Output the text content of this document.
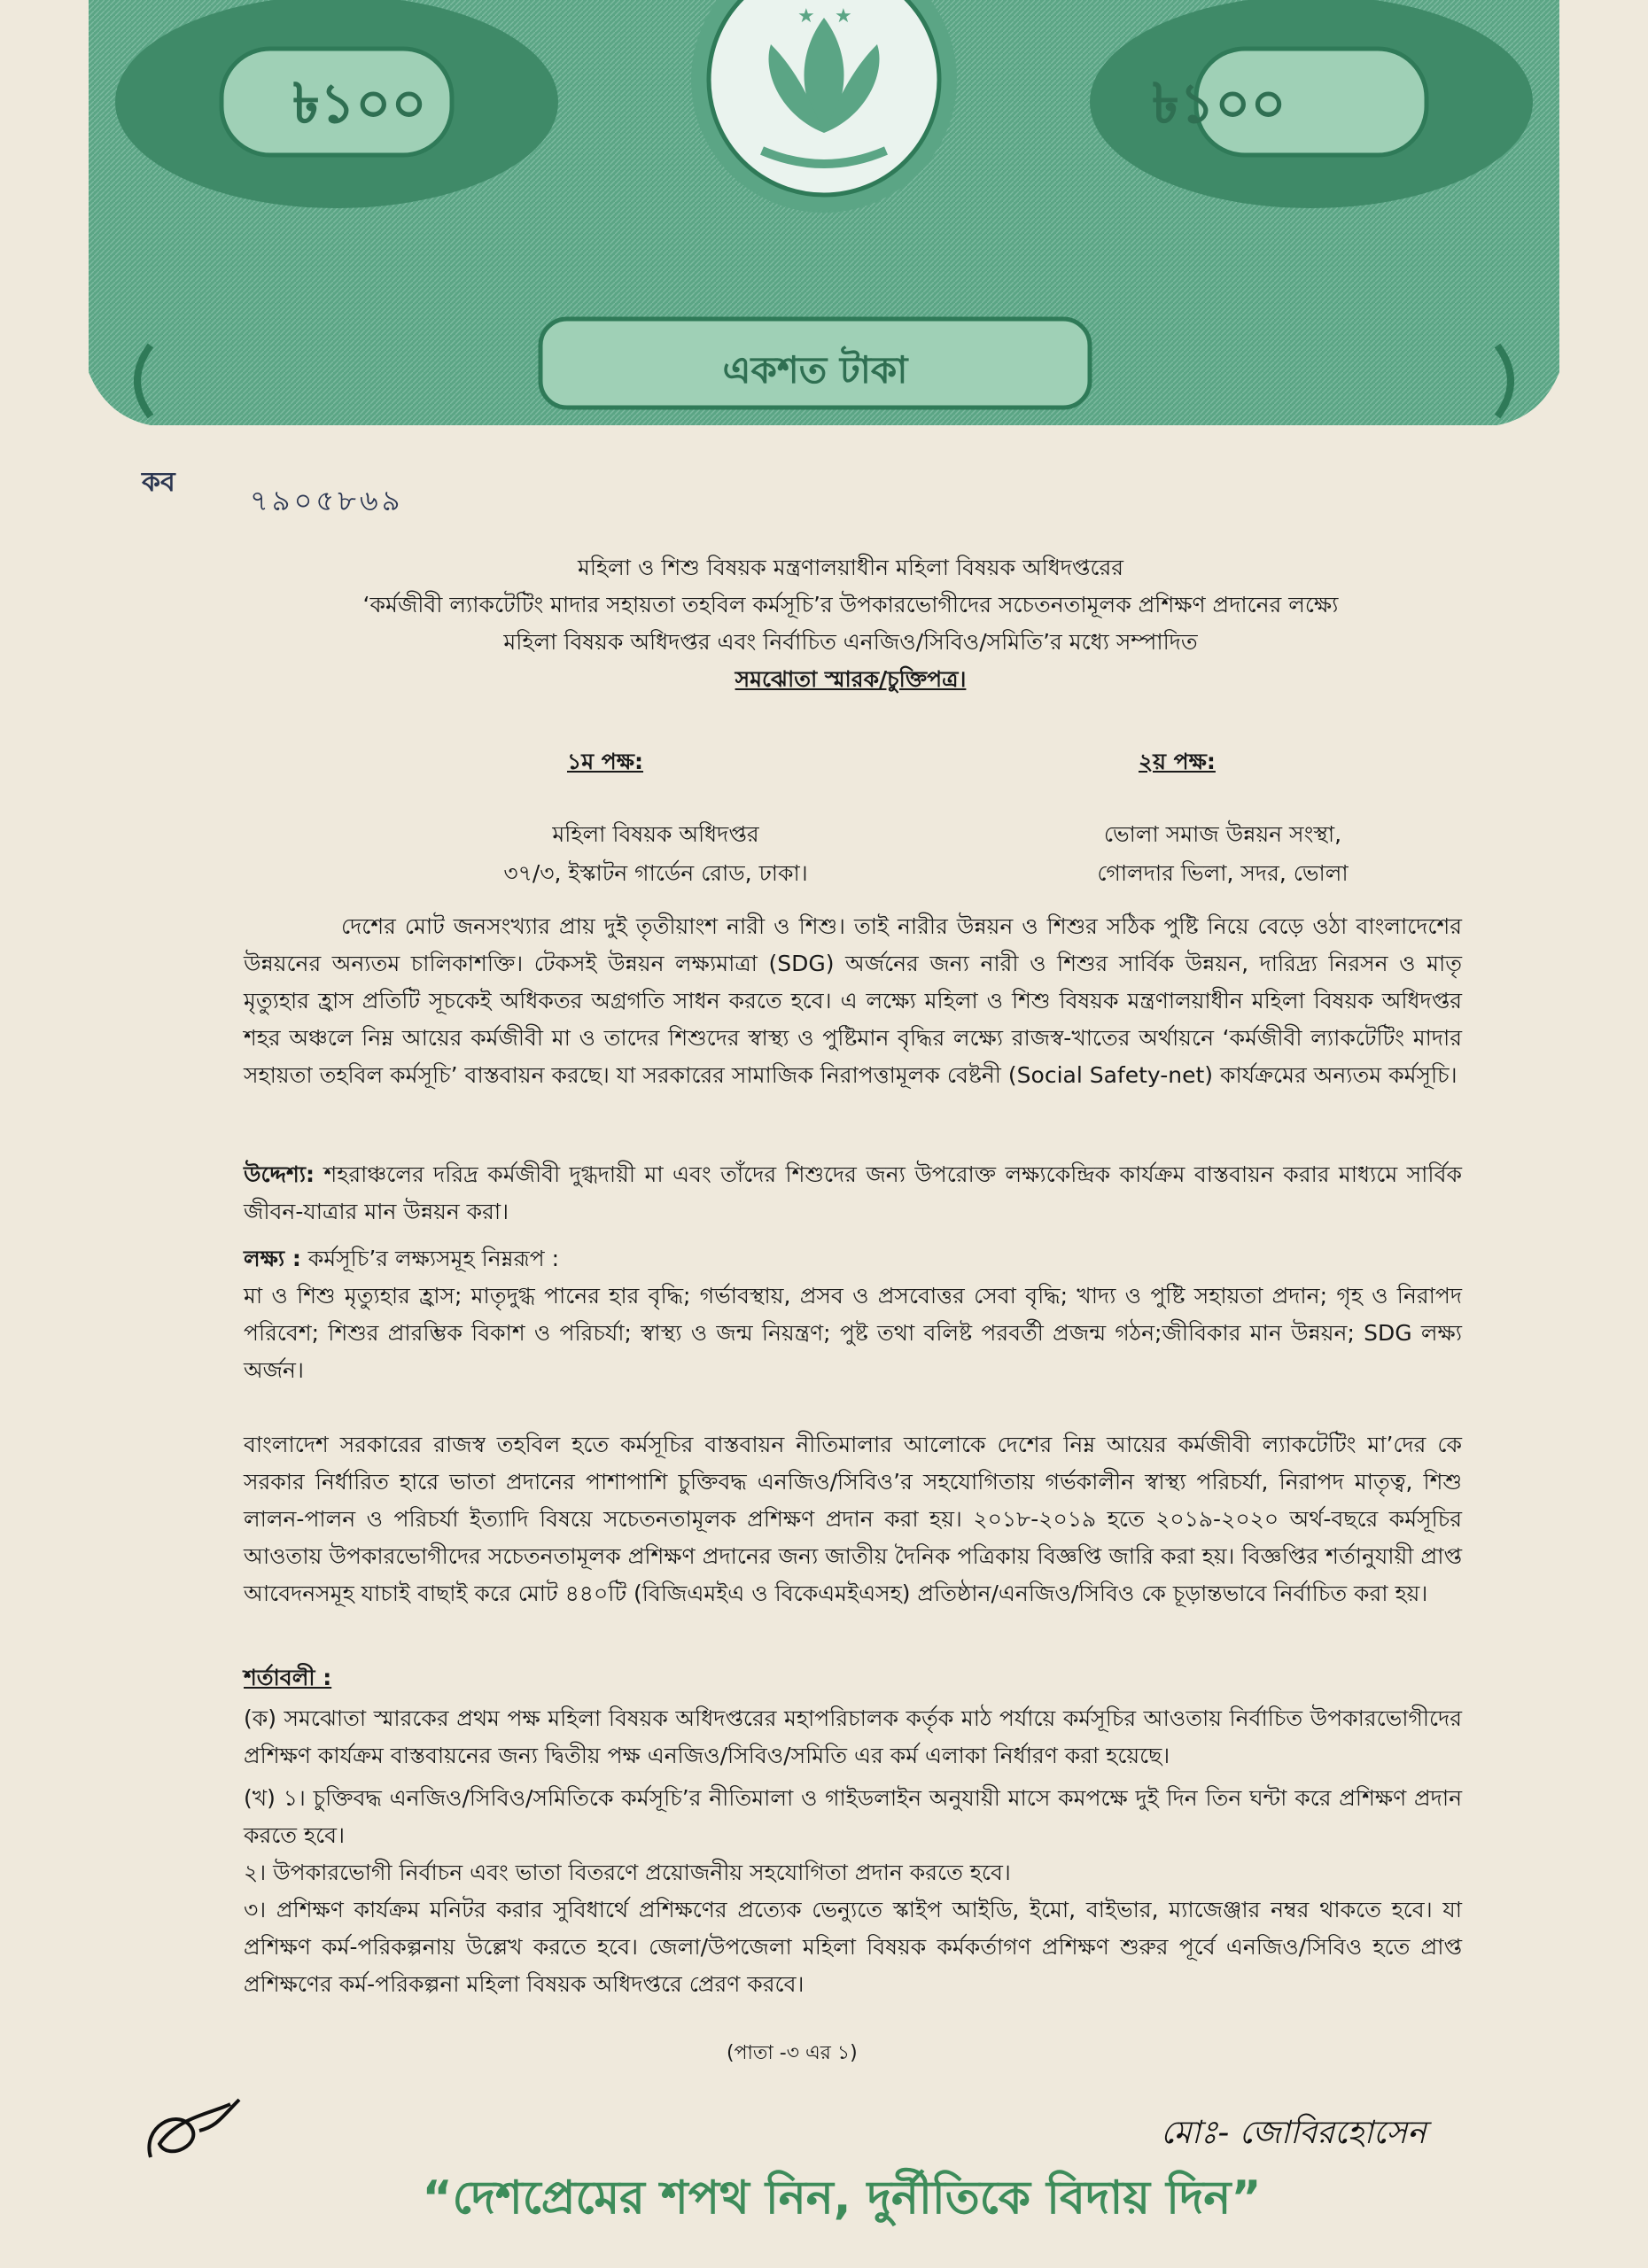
★ ★
৳১০০	৳১০০
একশত টাকা
কব
৭৯০৫৮৬৯
মহিলা ও শিশু বিষয়ক মন্ত্রণালয়াধীন মহিলা বিষয়ক অধিদপ্তরের
‘কর্মজীবী ল্যাকটেটিং মাদার সহায়তা তহবিল কর্মসূচি’র উপকারভোগীদের সচেতনতামূলক প্রশিক্ষণ প্রদানের লক্ষ্যে
মহিলা বিষয়ক অধিদপ্তর এবং নির্বাচিত এনজিও/সিবিও/সমিতি’র মধ্যে সম্পাদিত
সমঝোতা স্মারক/চুক্তিপত্র।
১ম পক্ষ:	২য় পক্ষ:
মহিলা বিষয়ক অধিদপ্তর
৩৭/৩, ইস্কাটন গার্ডেন রোড, ঢাকা।
ভোলা সমাজ উন্নয়ন সংস্থা,
গোলদার ভিলা, সদর, ভোলা
দেশের মোট জনসংখ্যার প্রায় দুই তৃতীয়াংশ নারী ও শিশু। তাই নারীর উন্নয়ন ও শিশুর সঠিক পুষ্টি নিয়ে বেড়ে ওঠা বাংলাদেশের উন্নয়নের অন্যতম চালিকাশক্তি। টেকসই উন্নয়ন লক্ষ্যমাত্রা (SDG) অর্জনের জন্য নারী ও শিশুর সার্বিক উন্নয়ন, দারিদ্র্য নিরসন ও মাতৃ মৃত্যুহার হ্রাস প্রতিটি সূচকেই অধিকতর অগ্রগতি সাধন করতে হবে। এ লক্ষ্যে মহিলা ও শিশু বিষয়ক মন্ত্রণালয়াধীন মহিলা বিষয়ক অধিদপ্তর শহর অঞ্চলে নিম্ন আয়ের কর্মজীবী মা ও তাদের শিশুদের স্বাস্থ্য ও পুষ্টিমান বৃদ্ধির লক্ষ্যে রাজস্ব-খাতের অর্থায়নে ‘কর্মজীবী ল্যাকটেটিং মাদার সহায়তা তহবিল কর্মসূচি’ বাস্তবায়ন করছে। যা সরকারের সামাজিক নিরাপত্তামূলক বেষ্টনী (Social Safety-net) কার্যক্রমের অন্যতম কর্মসূচি।
উদ্দেশ্য: শহরাঞ্চলের দরিদ্র কর্মজীবী দুগ্ধদায়ী মা এবং তাঁদের শিশুদের জন্য উপরোক্ত লক্ষ্যকেন্দ্রিক কার্যক্রম বাস্তবায়ন করার মাধ্যমে সার্বিক জীবন-যাত্রার মান উন্নয়ন করা।
লক্ষ্য : কর্মসূচি’র লক্ষ্যসমূহ নিম্নরূপ :
মা ও শিশু মৃত্যুহার হ্রাস; মাতৃদুগ্ধ পানের হার বৃদ্ধি; গর্ভাবস্থায়, প্রসব ও প্রসবোত্তর সেবা বৃদ্ধি; খাদ্য ও পুষ্টি সহায়তা প্রদান; গৃহ ও নিরাপদ পরিবেশ; শিশুর প্রারম্ভিক বিকাশ ও পরিচর্যা; স্বাস্থ্য ও জন্ম নিয়ন্ত্রণ; পুষ্ট তথা বলিষ্ট পরবর্তী প্রজন্ম গঠন;জীবিকার মান উন্নয়ন; SDG লক্ষ্য অর্জন।
বাংলাদেশ সরকারের রাজস্ব তহবিল হতে কর্মসূচির বাস্তবায়ন নীতিমালার আলোকে দেশের নিম্ন আয়ের কর্মজীবী ল্যাকটেটিং মা’দের কে সরকার নির্ধারিত হারে ভাতা প্রদানের পাশাপাশি চুক্তিবদ্ধ এনজিও/সিবিও’র সহযোগিতায় গর্ভকালীন স্বাস্থ্য পরিচর্যা, নিরাপদ মাতৃত্ব, শিশু লালন-পালন ও পরিচর্যা ইত্যাদি বিষয়ে সচেতনতামূলক প্রশিক্ষণ প্রদান করা হয়। ২০১৮-২০১৯ হতে ২০১৯-২০২০ অর্থ-বছরে কর্মসূচির আওতায় উপকারভোগীদের সচেতনতামূলক প্রশিক্ষণ প্রদানের জন্য জাতীয় দৈনিক পত্রিকায় বিজ্ঞপ্তি জারি করা হয়। বিজ্ঞপ্তির শর্তানুযায়ী প্রাপ্ত আবেদনসমূহ যাচাই বাছাই করে মোট ৪৪০টি (বিজিএমইএ ও বিকেএমইএসহ) প্রতিষ্ঠান/এনজিও/সিবিও কে চূড়ান্তভাবে নির্বাচিত করা হয়।
শর্তাবলী :
(ক) সমঝোতা স্মারকের প্রথম পক্ষ মহিলা বিষয়ক অধিদপ্তরের মহাপরিচালক কর্তৃক মাঠ পর্যায়ে কর্মসূচির আওতায় নির্বাচিত উপকারভোগীদের প্রশিক্ষণ কার্যক্রম বাস্তবায়নের জন্য দ্বিতীয় পক্ষ এনজিও/সিবিও/সমিতি এর কর্ম এলাকা নির্ধারণ করা হয়েছে।
(খ) ১। চুক্তিবদ্ধ এনজিও/সিবিও/সমিতিকে কর্মসূচি’র নীতিমালা ও গাইডলাইন অনুযায়ী মাসে কমপক্ষে দুই দিন তিন ঘন্টা করে প্রশিক্ষণ প্রদান করতে হবে।
২। উপকারভোগী নির্বাচন এবং ভাতা বিতরণে প্রয়োজনীয় সহযোগিতা প্রদান করতে হবে।
৩। প্রশিক্ষণ কার্যক্রম মনিটর করার সুবিধার্থে প্রশিক্ষণের প্রত্যেক ভেন্যুতে স্কাইপ আইডি, ইমো, বাইভার, ম্যাজেঞ্জার নম্বর থাকতে হবে। যা প্রশিক্ষণ কর্ম-পরিকল্পনায় উল্লেখ করতে হবে। জেলা/উপজেলা মহিলা বিষয়ক কর্মকর্তাগণ প্রশিক্ষণ শুরুর পূর্বে এনজিও/সিবিও হতে প্রাপ্ত প্রশিক্ষণের কর্ম-পরিকল্পনা মহিলা বিষয়ক অধিদপ্তরে প্রেরণ করবে।
(পাতা -৩ এর ১)
মোঃ- জোবিরহোসেন
“দেশপ্রেমের শপথ নিন, দুর্নীতিকে বিদায় দিন”
